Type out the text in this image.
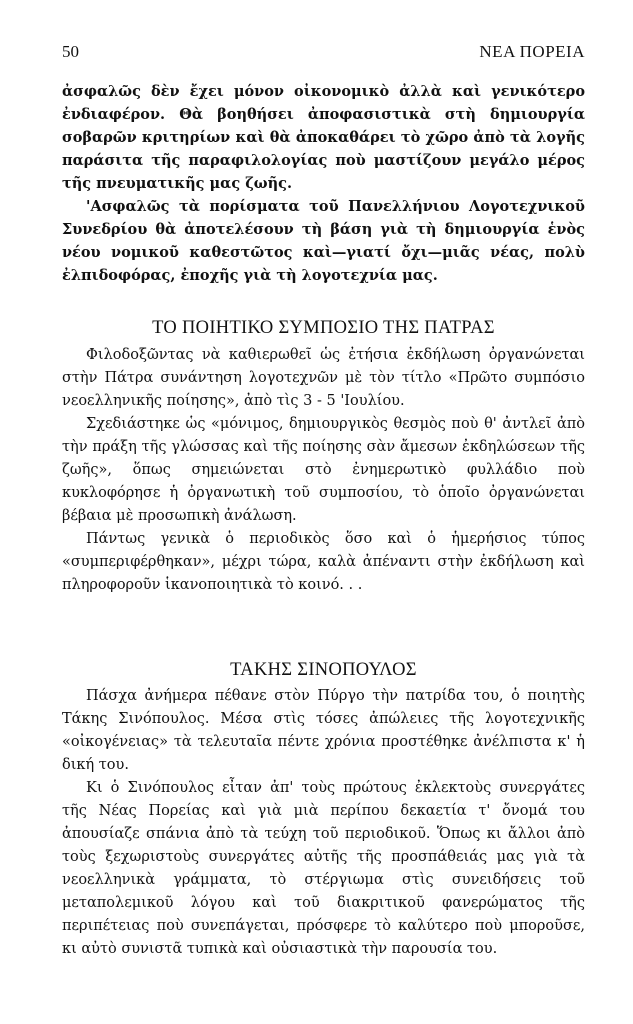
50	ΝΕΑ ΠΟΡΕΙΑ

ἀσφαλῶς δὲν ἔχει μόνον οἰκονομικὸ ἀλλὰ καὶ γενικότερο ἐνδιαφέρον. Θὰ βοηθήσει ἀποφασιστικὰ στὴ δημιουργία σοβαρῶν κριτηρίων καὶ θὰ ἀποκαθάρει τὸ χῶρο ἀπὸ τὰ λογῆς παράσιτα τῆς παραφιλολογίας ποὺ μαστίζουν μεγάλο μέρος τῆς πνευματικῆς μας ζωῆς.

'Ασφαλῶς τὰ πορίσματα τοῦ Πανελλήνιου Λογοτεχνικοῦ Συνεδρίου θὰ ἀποτελέσουν τὴ βάση γιὰ τὴ δημιουργία ἑνὸς νέου νομικοῦ καθεστῶτος καὶ—γιατί ὄχι—μιᾶς νέας, πολὺ ἐλπιδοφόρας, ἐποχῆς γιὰ τὴ λογοτεχνία μας.

ΤΟ ΠΟΙΗΤΙΚΟ ΣΥΜΠΟΣΙΟ ΤΗΣ ΠΑΤΡΑΣ

Φιλοδοξῶντας νὰ καθιερωθεῖ ὡς ἐτήσια ἐκδήλωση ὀργανώνεται στὴν Πάτρα συνάντηση λογοτεχνῶν μὲ τὸν τίτλο «Πρῶτο συμπόσιο νεοελληνικῆς ποίησης», ἀπὸ τὶς 3 - 5 'Ιουλίου.

Σχεδιάστηκε ὡς «μόνιμος, δημιουργικὸς θεσμὸς ποὺ θ' ἀντλεῖ ἀπὸ τὴν πράξη τῆς γλώσσας καὶ τῆς ποίησης σὰν ἄμεσων ἐκδηλώσεων τῆς ζωῆς», ὅπως σημειώνεται στὸ ἐνημερωτικὸ φυλλάδιο ποὺ κυκλοφόρησε ἡ ὀργανωτικὴ τοῦ συμποσίου, τὸ ὁποῖο ὀργανώνεται βέβαια μὲ προσωπικὴ ἀνάλωση.

Πάντως γενικὰ ὁ περιοδικὸς ὅσο καὶ ὁ ἡμερήσιος τύπος «συμπεριφέρθηκαν», μέχρι τώρα, καλὰ ἀπέναντι στὴν ἐκδήλωση καὶ πληροφοροῦν ἱκανοποιητικὰ τὸ κοινό. . .

ΤΑΚΗΣ ΣΙΝΟΠΟΥΛΟΣ

Πάσχα ἀνήμερα πέθανε στὸν Πύργο τὴν πατρίδα του, ὁ ποιητὴς Τάκης Σινόπουλος. Μέσα στὶς τόσες ἀπώλειες τῆς λογοτεχνικῆς «οἰκογένειας» τὰ τελευταῖα πέντε χρόνια προστέθηκε ἀνέλπιστα κ' ἡ δική του.

Κι ὁ Σινόπουλος εἶταν ἀπ' τοὺς πρώτους ἐκλεκτοὺς συνεργάτες τῆς Νέας Πορείας καὶ γιὰ μιὰ περίπου δεκαετία τ' ὄνομά του ἀπουσίαζε σπάνια ἀπὸ τὰ τεύχη τοῦ περιοδικοῦ. Ὅπως κι ἄλλοι ἀπὸ τοὺς ξεχωριστοὺς συνεργάτες αὐτῆς τῆς προσπάθειάς μας γιὰ τὰ νεοελληνικὰ γράμματα, τὸ στέργιωμα στὶς συνειδήσεις τοῦ μεταπολεμικοῦ λόγου καὶ τοῦ διακριτικοῦ φανερώματος τῆς περιπέτειας ποὺ συνεπάγεται, πρόσφερε τὸ καλύτερο ποὺ μποροῦσε, κι αὐτὸ συνιστᾶ τυπικὰ καὶ οὐσιαστικὰ τὴν παρουσία του.
